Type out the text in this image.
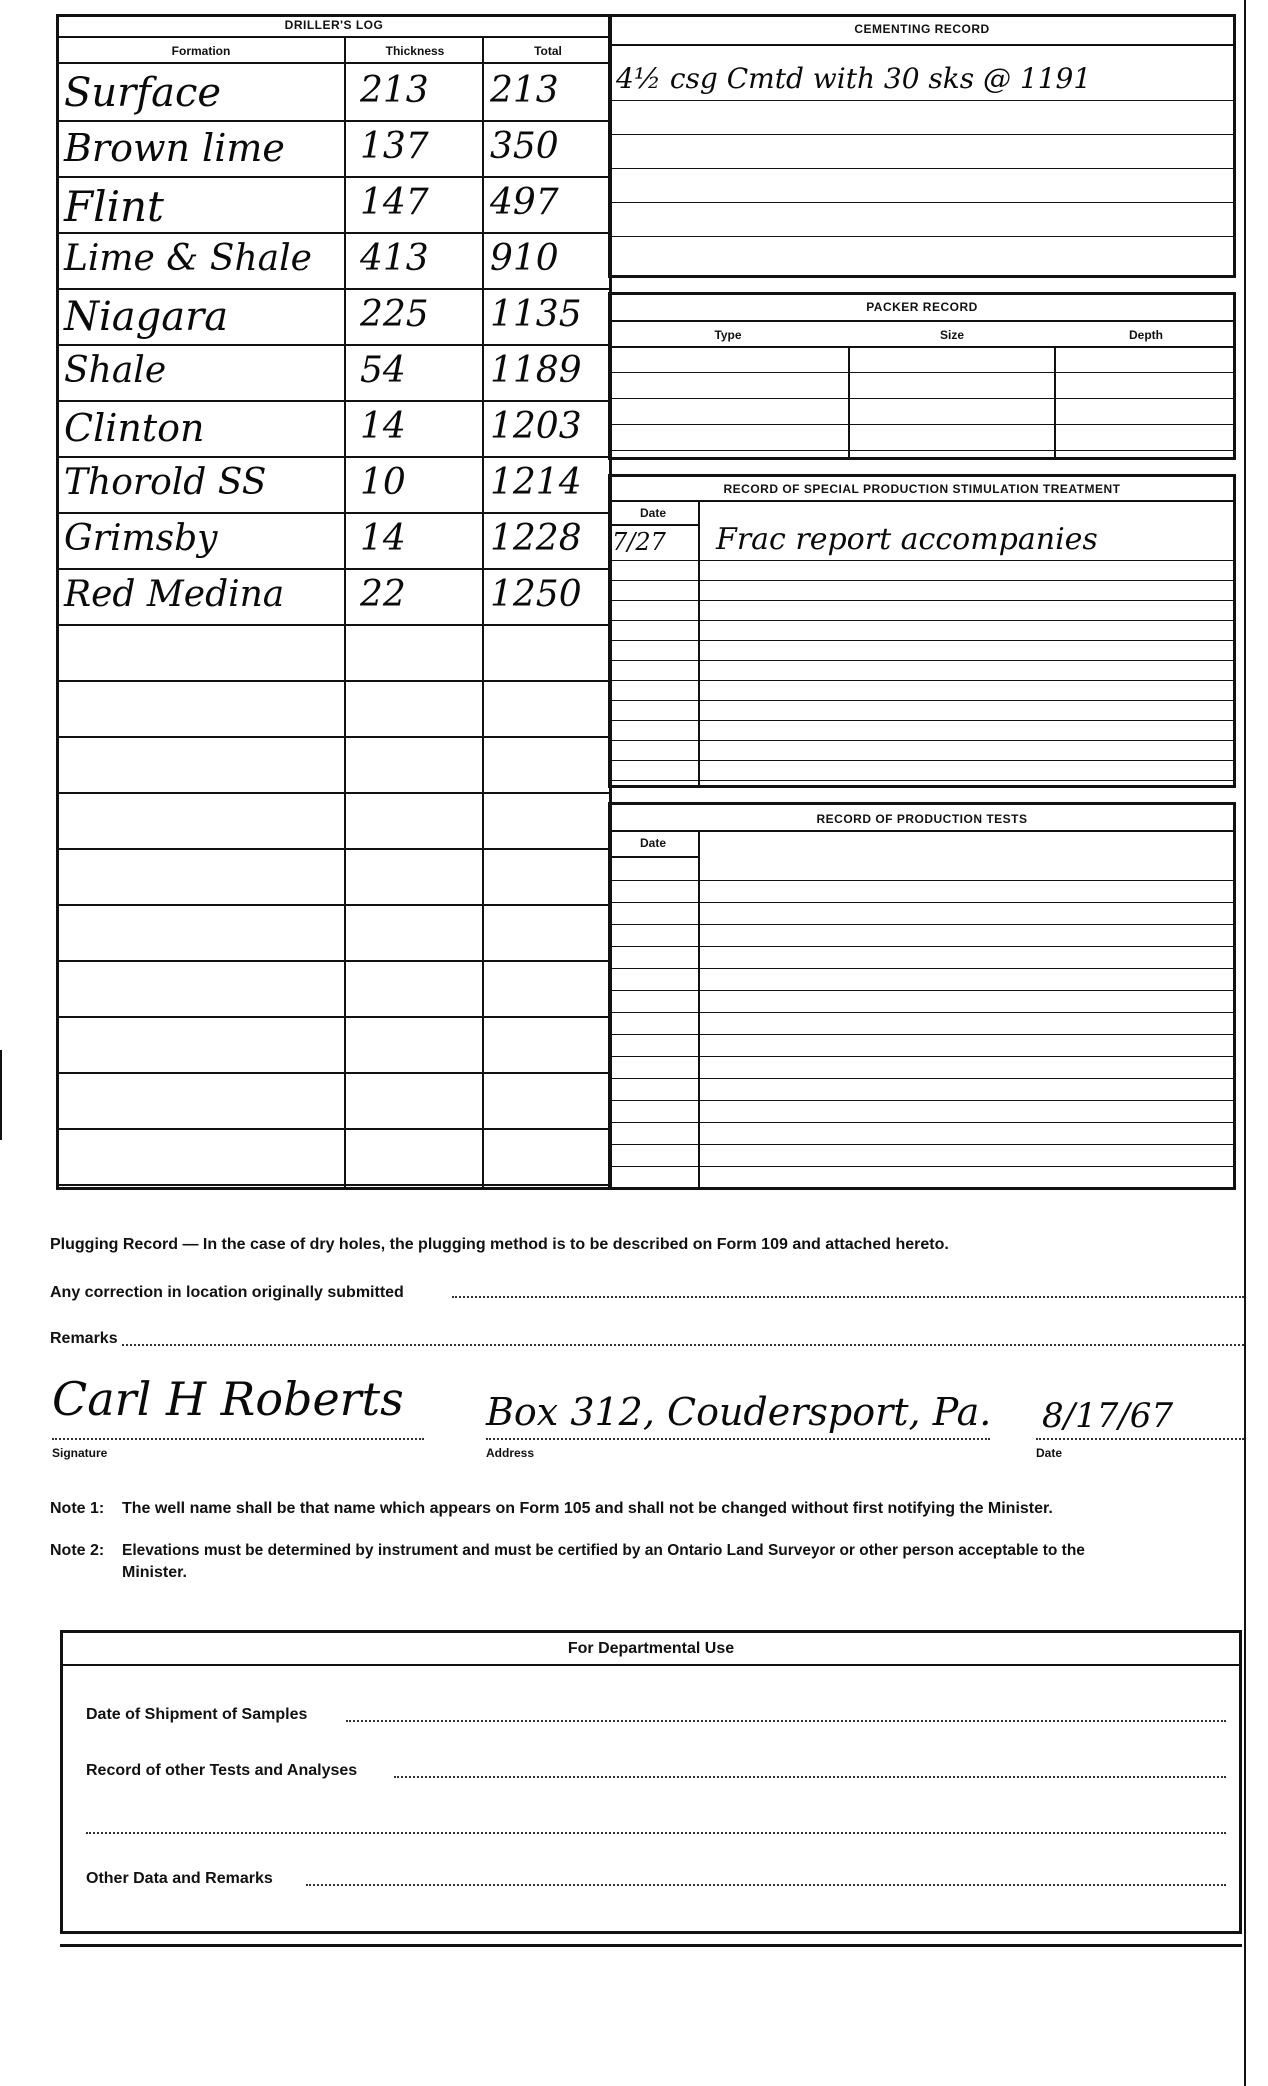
DRILLER'S LOG
Formation	Thickness	Total
Surface	213 213
Brown lime 137 350
Flint	147 497
Lime & Shale 413 910
Niagara	225 1135
Shale	54 1189
Clinton	14 1203
Thorold SS	10 1214
Grimsby	14 1228
Red Medina 22 1250
CEMENTING RECORD
4½ csg Cmtd with 30 sks @ 1191
PACKER RECORD
Type	Size	Depth
RECORD OF SPECIAL PRODUCTION STIMULATION TREATMENT
Date
7/27 Frac report accompanies
RECORD OF PRODUCTION TESTS
Date
Plugging Record — In the case of dry holes, the plugging method is to be described on Form 109 and attached hereto.
Any correction in location originally submitted
Remarks
Carl H Roberts
Signature
Box 312, Coudersport, Pa.
Address
8/17/67
Date
Note 1: The well name shall be that name which appears on Form 105 and shall not be changed without first notifying the Minister.
Note 2: Elevations must be determined by instrument and must be certified by an Ontario Land Surveyor or other person acceptable to the
Minister.
For Departmental Use
Date of Shipment of Samples
Record of other Tests and Analyses
Other Data and Remarks
